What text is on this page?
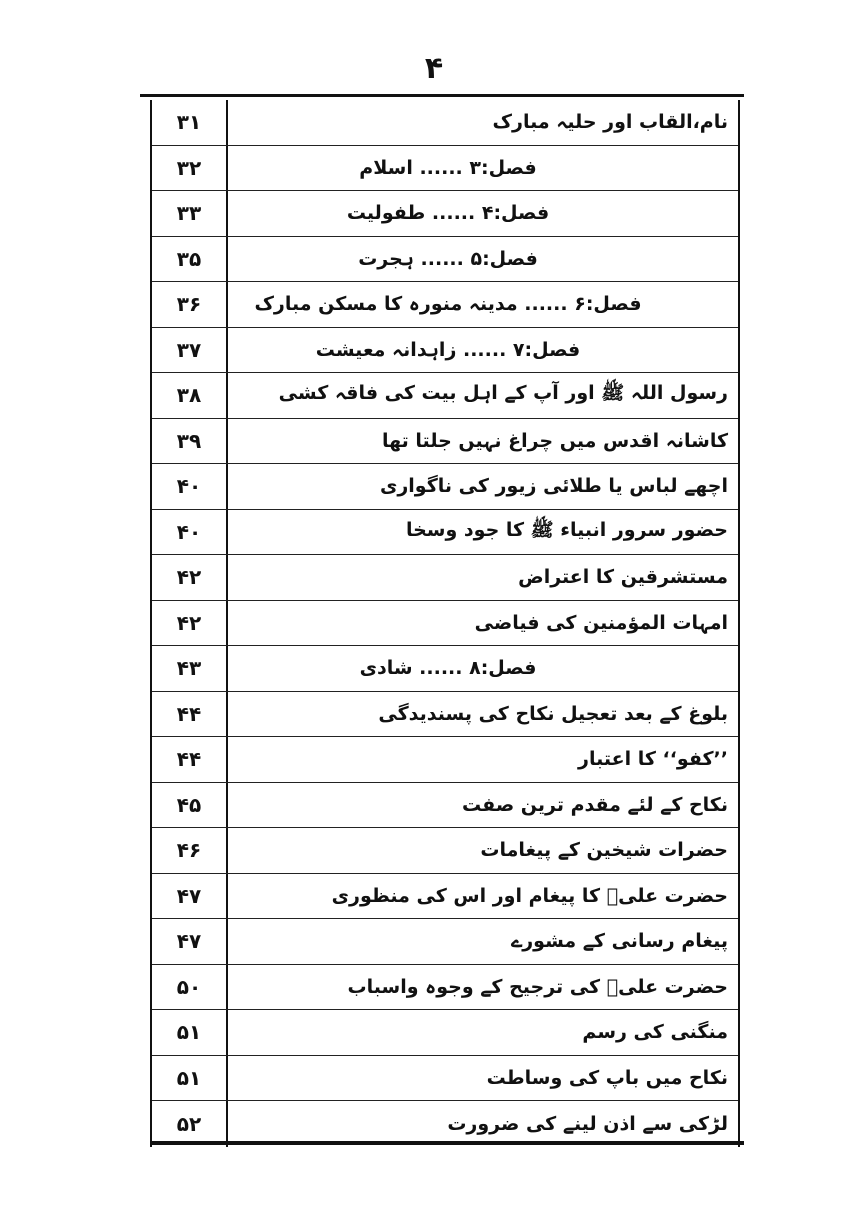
۴
نام،القاب اور حلیہ مبارک
۳۱
فصل:۳ ...... اسلام
۳۲
فصل:۴ ...... طفولیت
۳۳
فصل:۵ ...... ہجرت
۳۵
فصل:۶ ...... مدینہ منورہ کا مسکن مبارک
۳۶
فصل:۷ ...... زاہدانہ معیشت
۳۷
رسول اللہ ﷺ اور آپ کے اہل بیت کی فاقہ کشی
۳۸
کاشانہ اقدس میں چراغ نہیں جلتا تھا
۳۹
اچھے لباس یا طلائی زیور کی ناگواری
۴۰
حضور سرور انبیاء ﷺ کا جود وسخا
۴۰
مستشرقین کا اعتراض
۴۲
امہات المؤمنین کی فیاضی
۴۲
فصل:۸ ...... شادی
۴۳
بلوغ کے بعد تعجیل نکاح کی پسندیدگی
۴۴
’’کفو‘‘ کا اعتبار
۴۴
نکاح کے لئے مقدم ترین صفت
۴۵
حضرات شیخین کے پیغامات
۴۶
حضرت علیؓ کا پیغام اور اس کی منظوری
۴۷
پیغام رسانی کے مشورے
۴۷
حضرت علیؓ کی ترجیح کے وجوہ واسباب
۵۰
منگنی کی رسم
۵۱
نکاح میں باپ کی وساطت
۵۱
لڑکی سے اذن لینے کی ضرورت
۵۲
